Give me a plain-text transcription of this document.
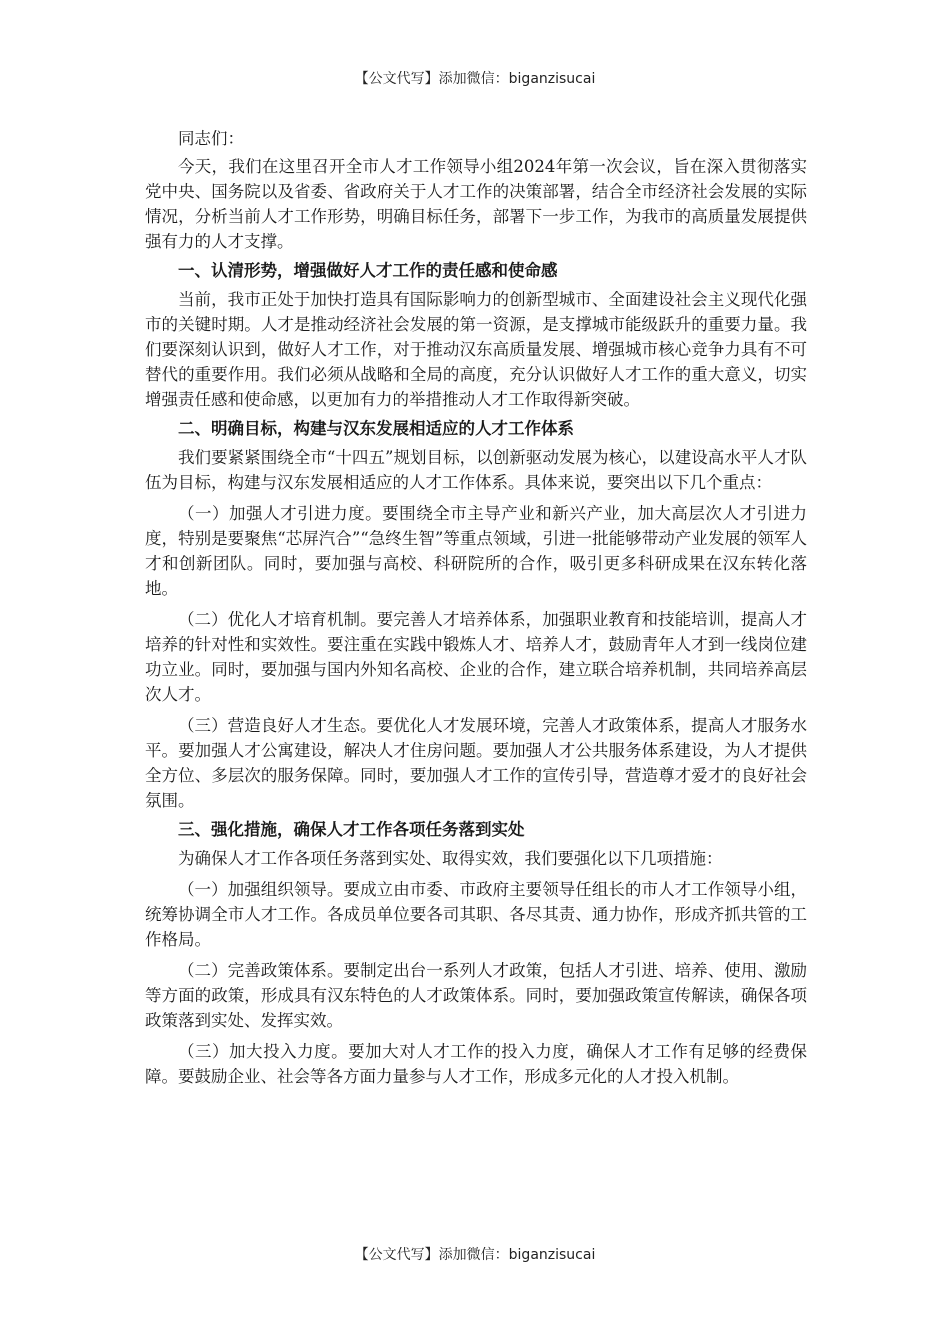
【公文代写】添加微信：biganzisucai

同志们：

今天，我们在这里召开全市人才工作领导小组2024年第一次会议，旨在深入贯彻落实党中央、国务院以及省委、省政府关于人才工作的决策部署，结合全市经济社会发展的实际情况，分析当前人才工作形势，明确目标任务，部署下一步工作，为我市的高质量发展提供强有力的人才支撑。

一、认清形势，增强做好人才工作的责任感和使命感

当前，我市正处于加快打造具有国际影响力的创新型城市、全面建设社会主义现代化强市的关键时期。人才是推动经济社会发展的第一资源，是支撑城市能级跃升的重要力量。我们要深刻认识到，做好人才工作，对于推动汉东高质量发展、增强城市核心竞争力具有不可替代的重要作用。我们必须从战略和全局的高度，充分认识做好人才工作的重大意义，切实增强责任感和使命感，以更加有力的举措推动人才工作取得新突破。

二、明确目标，构建与汉东发展相适应的人才工作体系

我们要紧紧围绕全市“十四五”规划目标，以创新驱动发展为核心，以建设高水平人才队伍为目标，构建与汉东发展相适应的人才工作体系。具体来说，要突出以下几个重点：

（一）加强人才引进力度。要围绕全市主导产业和新兴产业，加大高层次人才引进力度，特别是要聚焦“芯屏汽合”“急终生智”等重点领域，引进一批能够带动产业发展的领军人才和创新团队。同时，要加强与高校、科研院所的合作，吸引更多科研成果在汉东转化落地。

（二）优化人才培育机制。要完善人才培养体系，加强职业教育和技能培训，提高人才培养的针对性和实效性。要注重在实践中锻炼人才、培养人才，鼓励青年人才到一线岗位建功立业。同时，要加强与国内外知名高校、企业的合作，建立联合培养机制，共同培养高层次人才。

（三）营造良好人才生态。要优化人才发展环境，完善人才政策体系，提高人才服务水平。要加强人才公寓建设，解决人才住房问题。要加强人才公共服务体系建设，为人才提供全方位、多层次的服务保障。同时，要加强人才工作的宣传引导，营造尊才爱才的良好社会氛围。

三、强化措施，确保人才工作各项任务落到实处

为确保人才工作各项任务落到实处、取得实效，我们要强化以下几项措施：

（一）加强组织领导。要成立由市委、市政府主要领导任组长的市人才工作领导小组，统筹协调全市人才工作。各成员单位要各司其职、各尽其责、通力协作，形成齐抓共管的工作格局。

（二）完善政策体系。要制定出台一系列人才政策，包括人才引进、培养、使用、激励等方面的政策，形成具有汉东特色的人才政策体系。同时，要加强政策宣传解读，确保各项政策落到实处、发挥实效。

（三）加大投入力度。要加大对人才工作的投入力度，确保人才工作有足够的经费保障。要鼓励企业、社会等各方面力量参与人才工作，形成多元化的人才投入机制。

【公文代写】添加微信：biganzisucai
